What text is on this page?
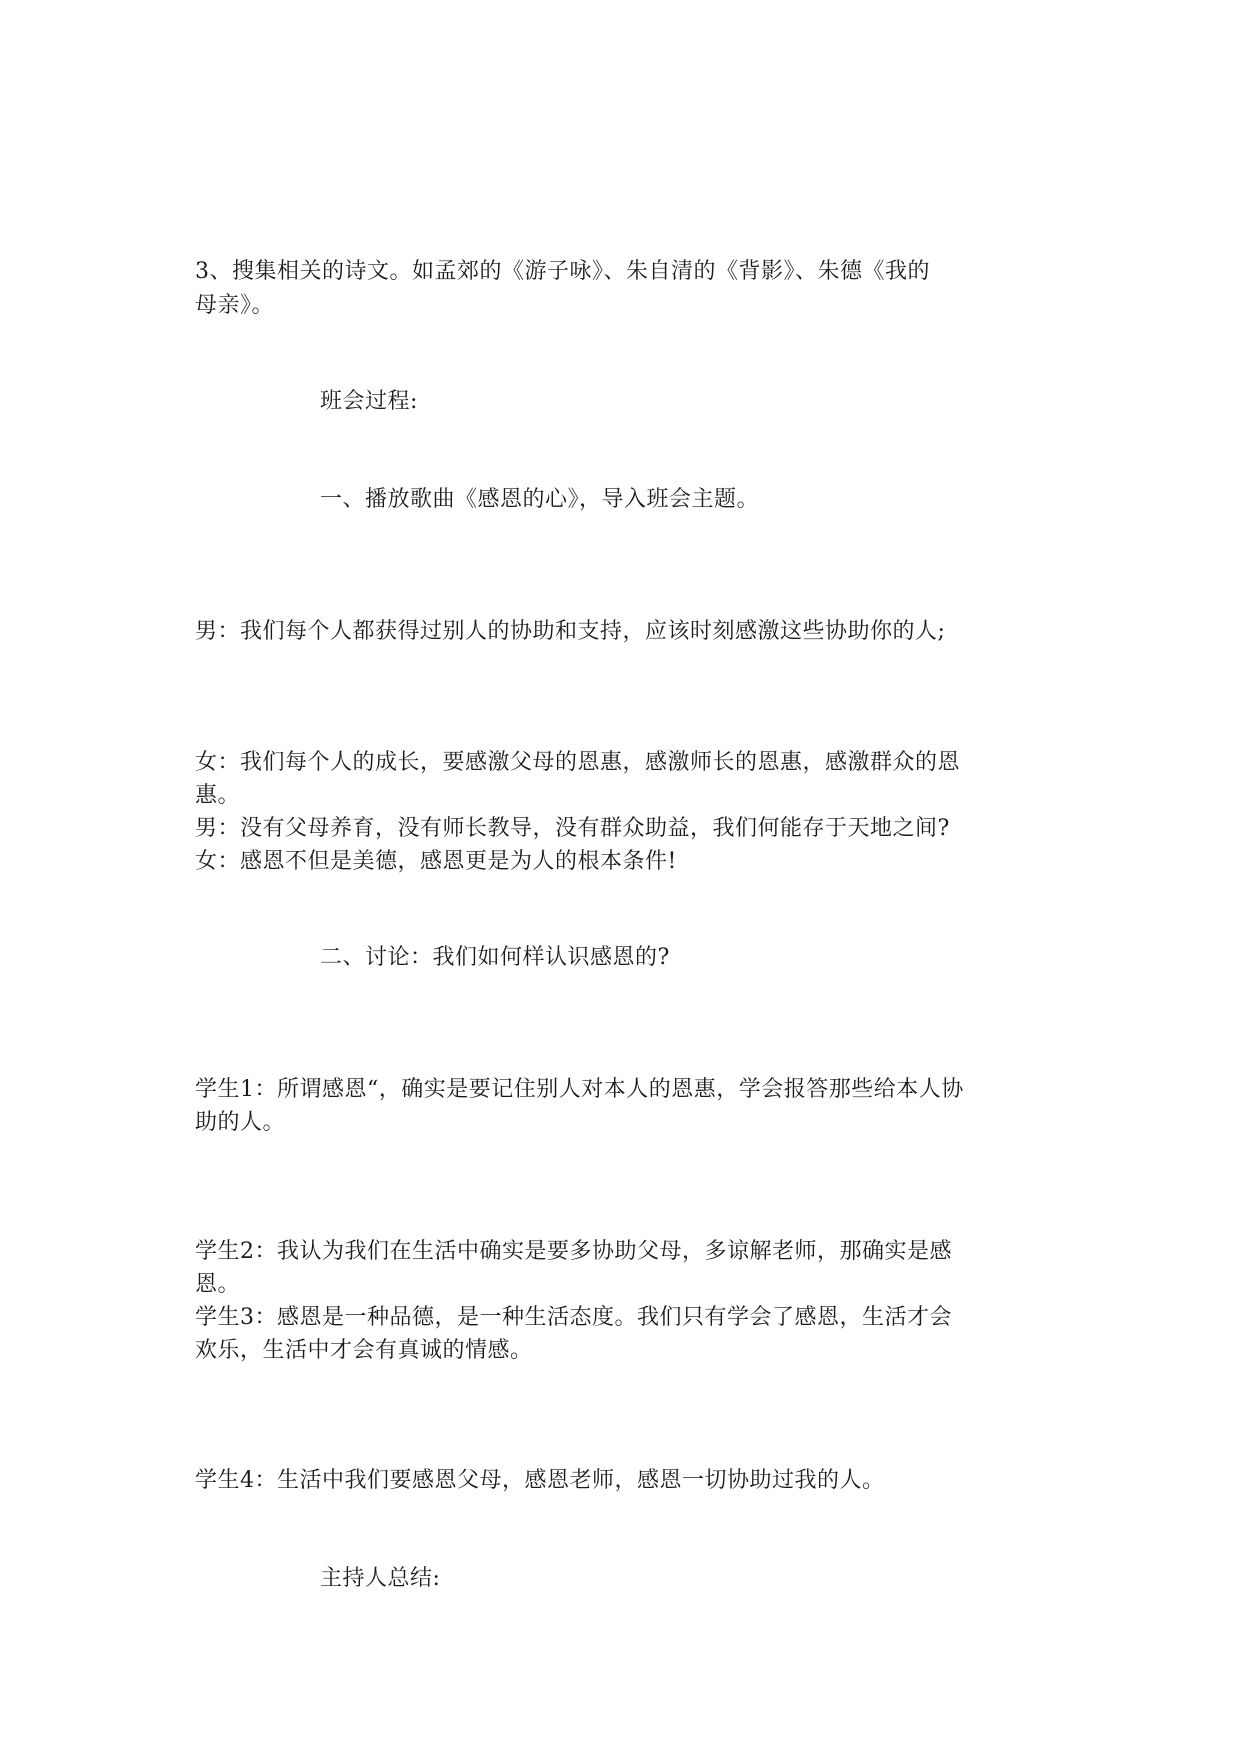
3、搜集相关的诗文。如孟郊的《游子咏》、朱自清的《背影》、朱德《我的
母亲》。
班会过程:
一、播放歌曲《感恩的心》，导入班会主题。
男：我们每个人都获得过别人的协助和支持，应该时刻感激这些协助你的人;
女：我们每个人的成长，要感激父母的恩惠，感激师长的恩惠，感激群众的恩
惠。
男：没有父母养育，没有师长教导，没有群众助益，我们何能存于天地之间?
女：感恩不但是美德，感恩更是为人的根本条件!
二、讨论：我们如何样认识感恩的?
学生1：所谓感恩“，确实是要记住别人对本人的恩惠，学会报答那些给本人协
助的人。
学生2：我认为我们在生活中确实是要多协助父母，多谅解老师，那确实是感
恩。
学生3：感恩是一种品德，是一种生活态度。我们只有学会了感恩，生活才会
欢乐，生活中才会有真诚的情感。
学生4：生活中我们要感恩父母，感恩老师，感恩一切协助过我的人。
主持人总结:
